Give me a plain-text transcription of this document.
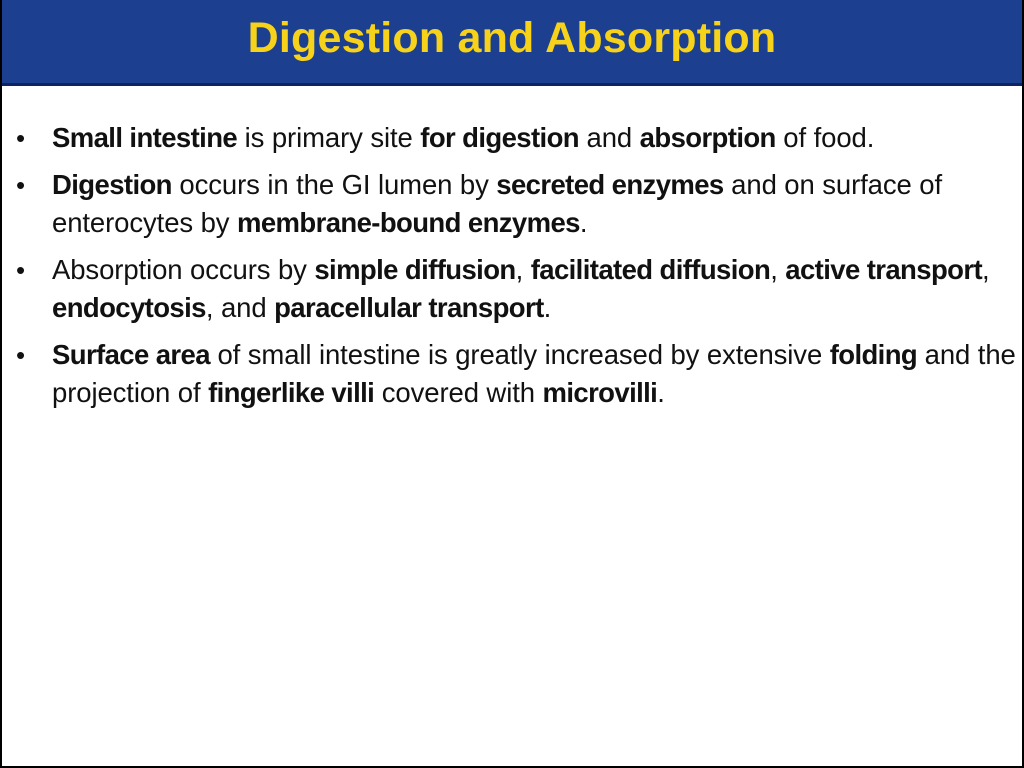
Digestion and Absorption
• Small intestine is primary site for digestion and absorption of food.
• Digestion occurs in the GI lumen by secreted enzymes and on surface of enterocytes by membrane-bound enzymes.
• Absorption occurs by simple diffusion, facilitated diffusion, active transport, endocytosis, and paracellular transport.
• Surface area of small intestine is greatly increased by extensive folding and the projection of fingerlike villi covered with microvilli.
